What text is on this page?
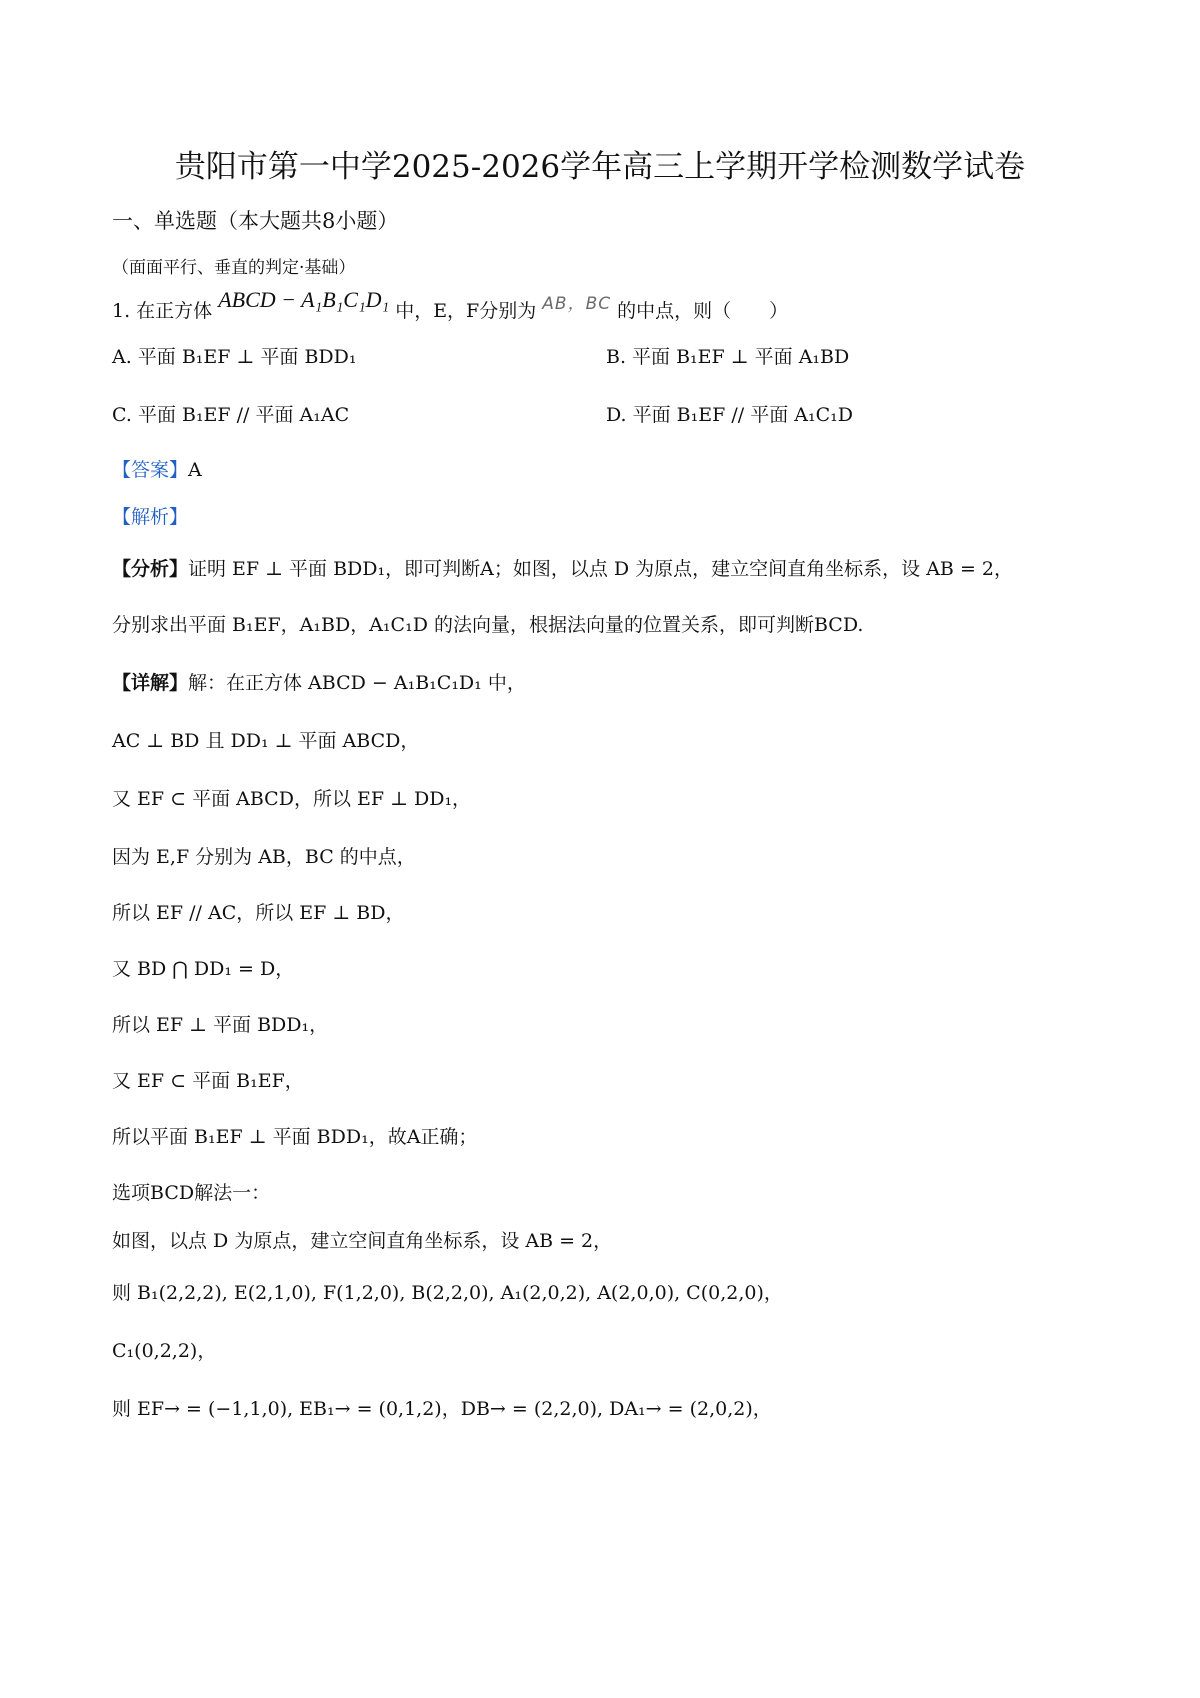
贵阳市第一中学2025-2026学年高三上学期开学检测数学试卷
一、单选题（本大题共8小题）
（面面平行、垂直的判定·基础）
1. 在正方体 ABCD − A₁B₁C₁D₁ 中，E，F分别为 AB，BC 的中点，则（　　）
A. 平面 B₁EF ⊥ 平面 BDD₁	B. 平面 B₁EF ⊥ 平面 A₁BD
C. 平面 B₁EF // 平面 A₁AC	D. 平面 B₁EF // 平面 A₁C₁D
【答案】A
【解析】
【分析】证明 EF ⊥ 平面 BDD₁，即可判断A；如图，以点 D 为原点，建立空间直角坐标系，设 AB = 2，
分别求出平面 B₁EF，A₁BD，A₁C₁D 的法向量，根据法向量的位置关系，即可判断BCD.
【详解】解：在正方体 ABCD − A₁B₁C₁D₁ 中，
AC ⊥ BD 且 DD₁ ⊥ 平面 ABCD，
又 EF ⊂ 平面 ABCD，所以 EF ⊥ DD₁，
因为 E,F 分别为 AB，BC 的中点，
所以 EF // AC，所以 EF ⊥ BD，
又 BD ⋂ DD₁ = D，
所以 EF ⊥ 平面 BDD₁，
又 EF ⊂ 平面 B₁EF，
所以平面 B₁EF ⊥ 平面 BDD₁，故A正确；
选项BCD解法一：
如图，以点 D 为原点，建立空间直角坐标系，设 AB = 2，
则 B₁(2,2,2), E(2,1,0), F(1,2,0), B(2,2,0), A₁(2,0,2), A(2,0,0), C(0,2,0)，
C₁(0,2,2)，
则 EF→ = (−1,1,0), EB₁→ = (0,1,2)，DB→ = (2,2,0), DA₁→ = (2,0,2)，
